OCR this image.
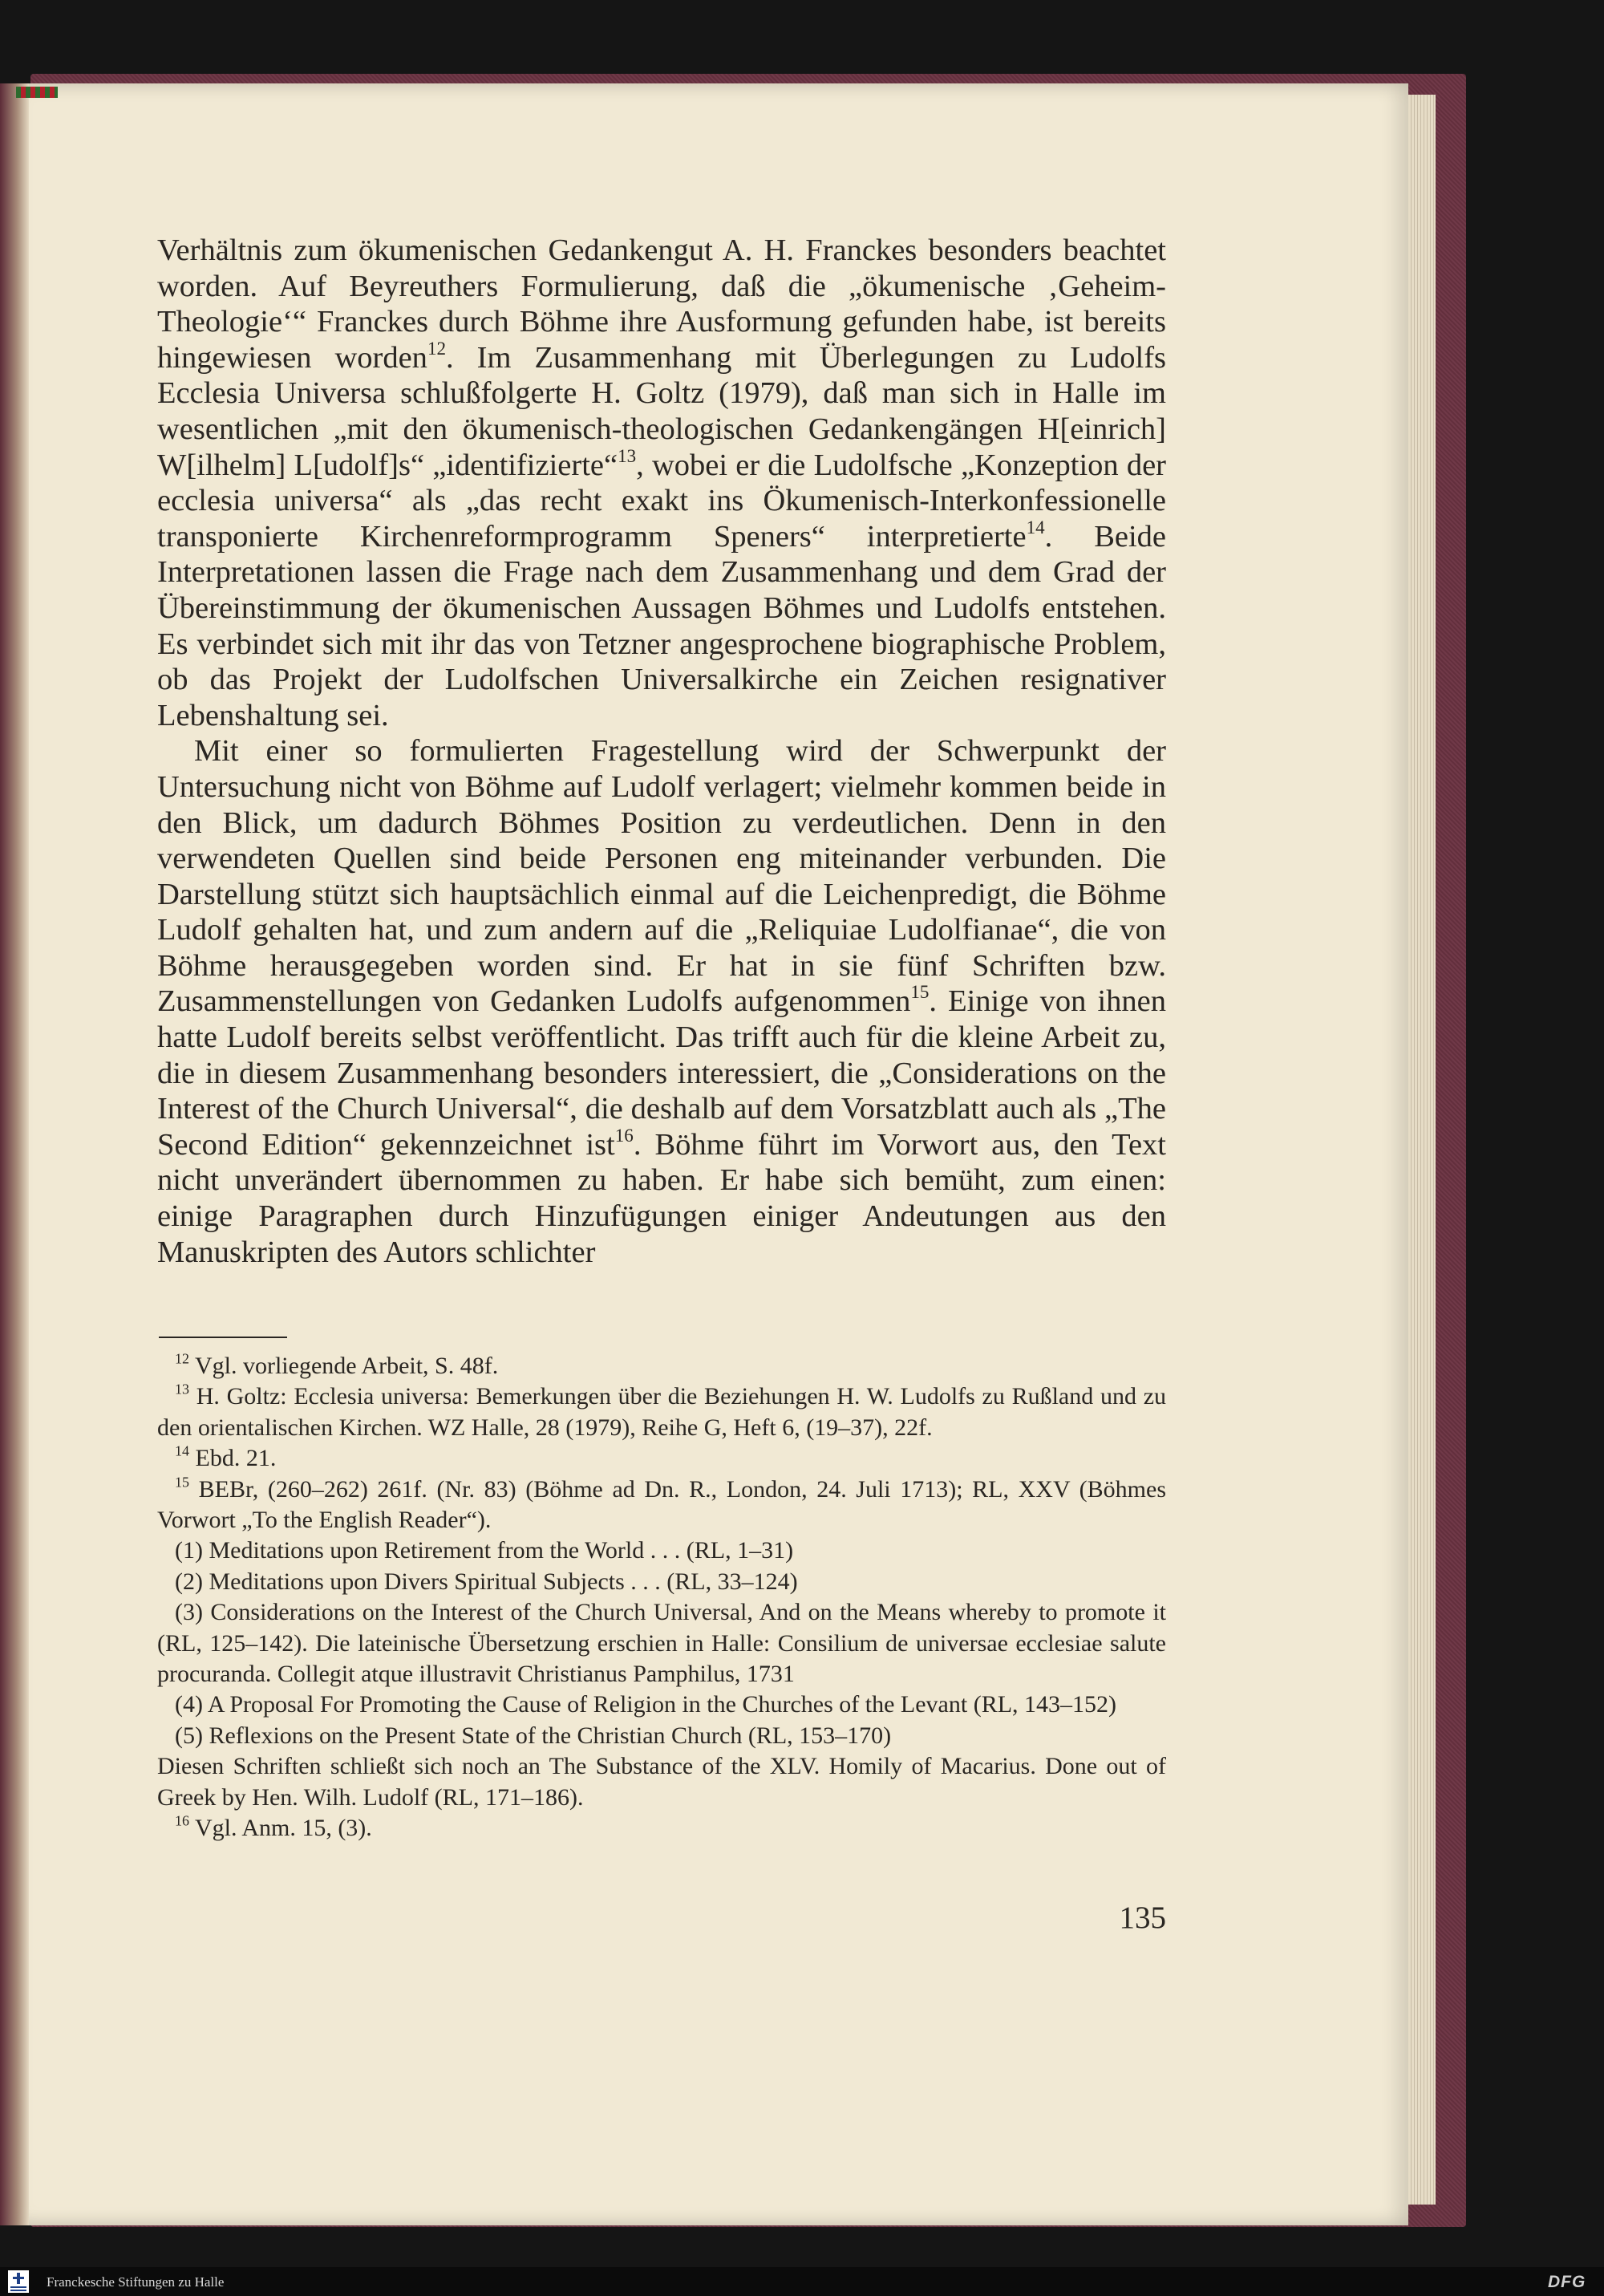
Verhältnis zum ökumenischen Gedankengut A. H. Franckes besonders beachtet worden. Auf Beyreuthers Formulierung, daß die „ökumenische ‚Geheim-Theologie‘“ Franckes durch Böhme ihre Ausformung gefunden habe, ist bereits hingewiesen worden$^{12}$. Im Zusammenhang mit Überlegungen zu Ludolfs Ecclesia Universa schlußfolgerte H. Goltz (1979), daß man sich in Halle im wesentlichen „mit den ökumenisch-theologischen Gedankengängen H[einrich] W[ilhelm] L[udolf]s“ „identifizierte“$^{13}$, wobei er die Ludolfsche „Konzeption der ecclesia universa“ als „das recht exakt ins Ökumenisch-Interkonfessionelle transponierte Kirchenreformprogramm Speners“ interpretierte$^{14}$. Beide Interpretationen lassen die Frage nach dem Zusammenhang und dem Grad der Übereinstimmung der ökumenischen Aussagen Böhmes und Ludolfs entstehen. Es verbindet sich mit ihr das von Tetzner angesprochene biographische Problem, ob das Projekt der Ludolfschen Universalkirche ein Zeichen resignativer Lebenshaltung sei.

Mit einer so formulierten Fragestellung wird der Schwerpunkt der Untersuchung nicht von Böhme auf Ludolf verlagert; vielmehr kommen beide in den Blick, um dadurch Böhmes Position zu verdeutlichen. Denn in den verwendeten Quellen sind beide Personen eng miteinander verbunden. Die Darstellung stützt sich hauptsächlich einmal auf die Leichenpredigt, die Böhme Ludolf gehalten hat, und zum andern auf die „Reliquiae Ludolfianae“, die von Böhme herausgegeben worden sind. Er hat in sie fünf Schriften bzw. Zusammenstellungen von Gedanken Ludolfs aufgenommen$^{15}$. Einige von ihnen hatte Ludolf bereits selbst veröffentlicht. Das trifft auch für die kleine Arbeit zu, die in diesem Zusammenhang besonders interessiert, die „Considerations on the Interest of the Church Universal“, die deshalb auf dem Vorsatzblatt auch als „The Second Edition“ gekennzeichnet ist$^{16}$. Böhme führt im Vorwort aus, den Text nicht unverändert übernommen zu haben. Er habe sich bemüht, zum einen: einige Paragraphen durch Hinzufügungen einiger Andeutungen aus den Manuskripten des Autors schlichter

$^{12}$ Vgl. vorliegende Arbeit, S. 48f.

$^{13}$ H. Goltz: Ecclesia universa: Bemerkungen über die Beziehungen H. W. Ludolfs zu Rußland und zu den orientalischen Kirchen. WZ Halle, 28 (1979), Reihe G, Heft 6, (19–37), 22f.

$^{14}$ Ebd. 21.

$^{15}$ BEBr, (260–262) 261f. (Nr. 83) (Böhme ad Dn. R., London, 24. Juli 1713); RL, XXV (Böhmes Vorwort „To the English Reader“).

(1) Meditations upon Retirement from the World . . . (RL, 1–31)

(2) Meditations upon Divers Spiritual Subjects . . . (RL, 33–124)

(3) Considerations on the Interest of the Church Universal, And on the Means whereby to promote it (RL, 125–142). Die lateinische Übersetzung erschien in Halle: Consilium de universae ecclesiae salute procuranda. Collegit atque illustravit Christianus Pamphilus, 1731

(4) A Proposal For Promoting the Cause of Religion in the Churches of the Levant (RL, 143–152)

(5) Reflexions on the Present State of the Christian Church (RL, 153–170)

Diesen Schriften schließt sich noch an The Substance of the XLV. Homily of Macarius. Done out of Greek by Hen. Wilh. Ludolf (RL, 171–186).

$^{16}$ Vgl. Anm. 15, (3).

135
Franckesche Stiftungen zu Halle	DFG
